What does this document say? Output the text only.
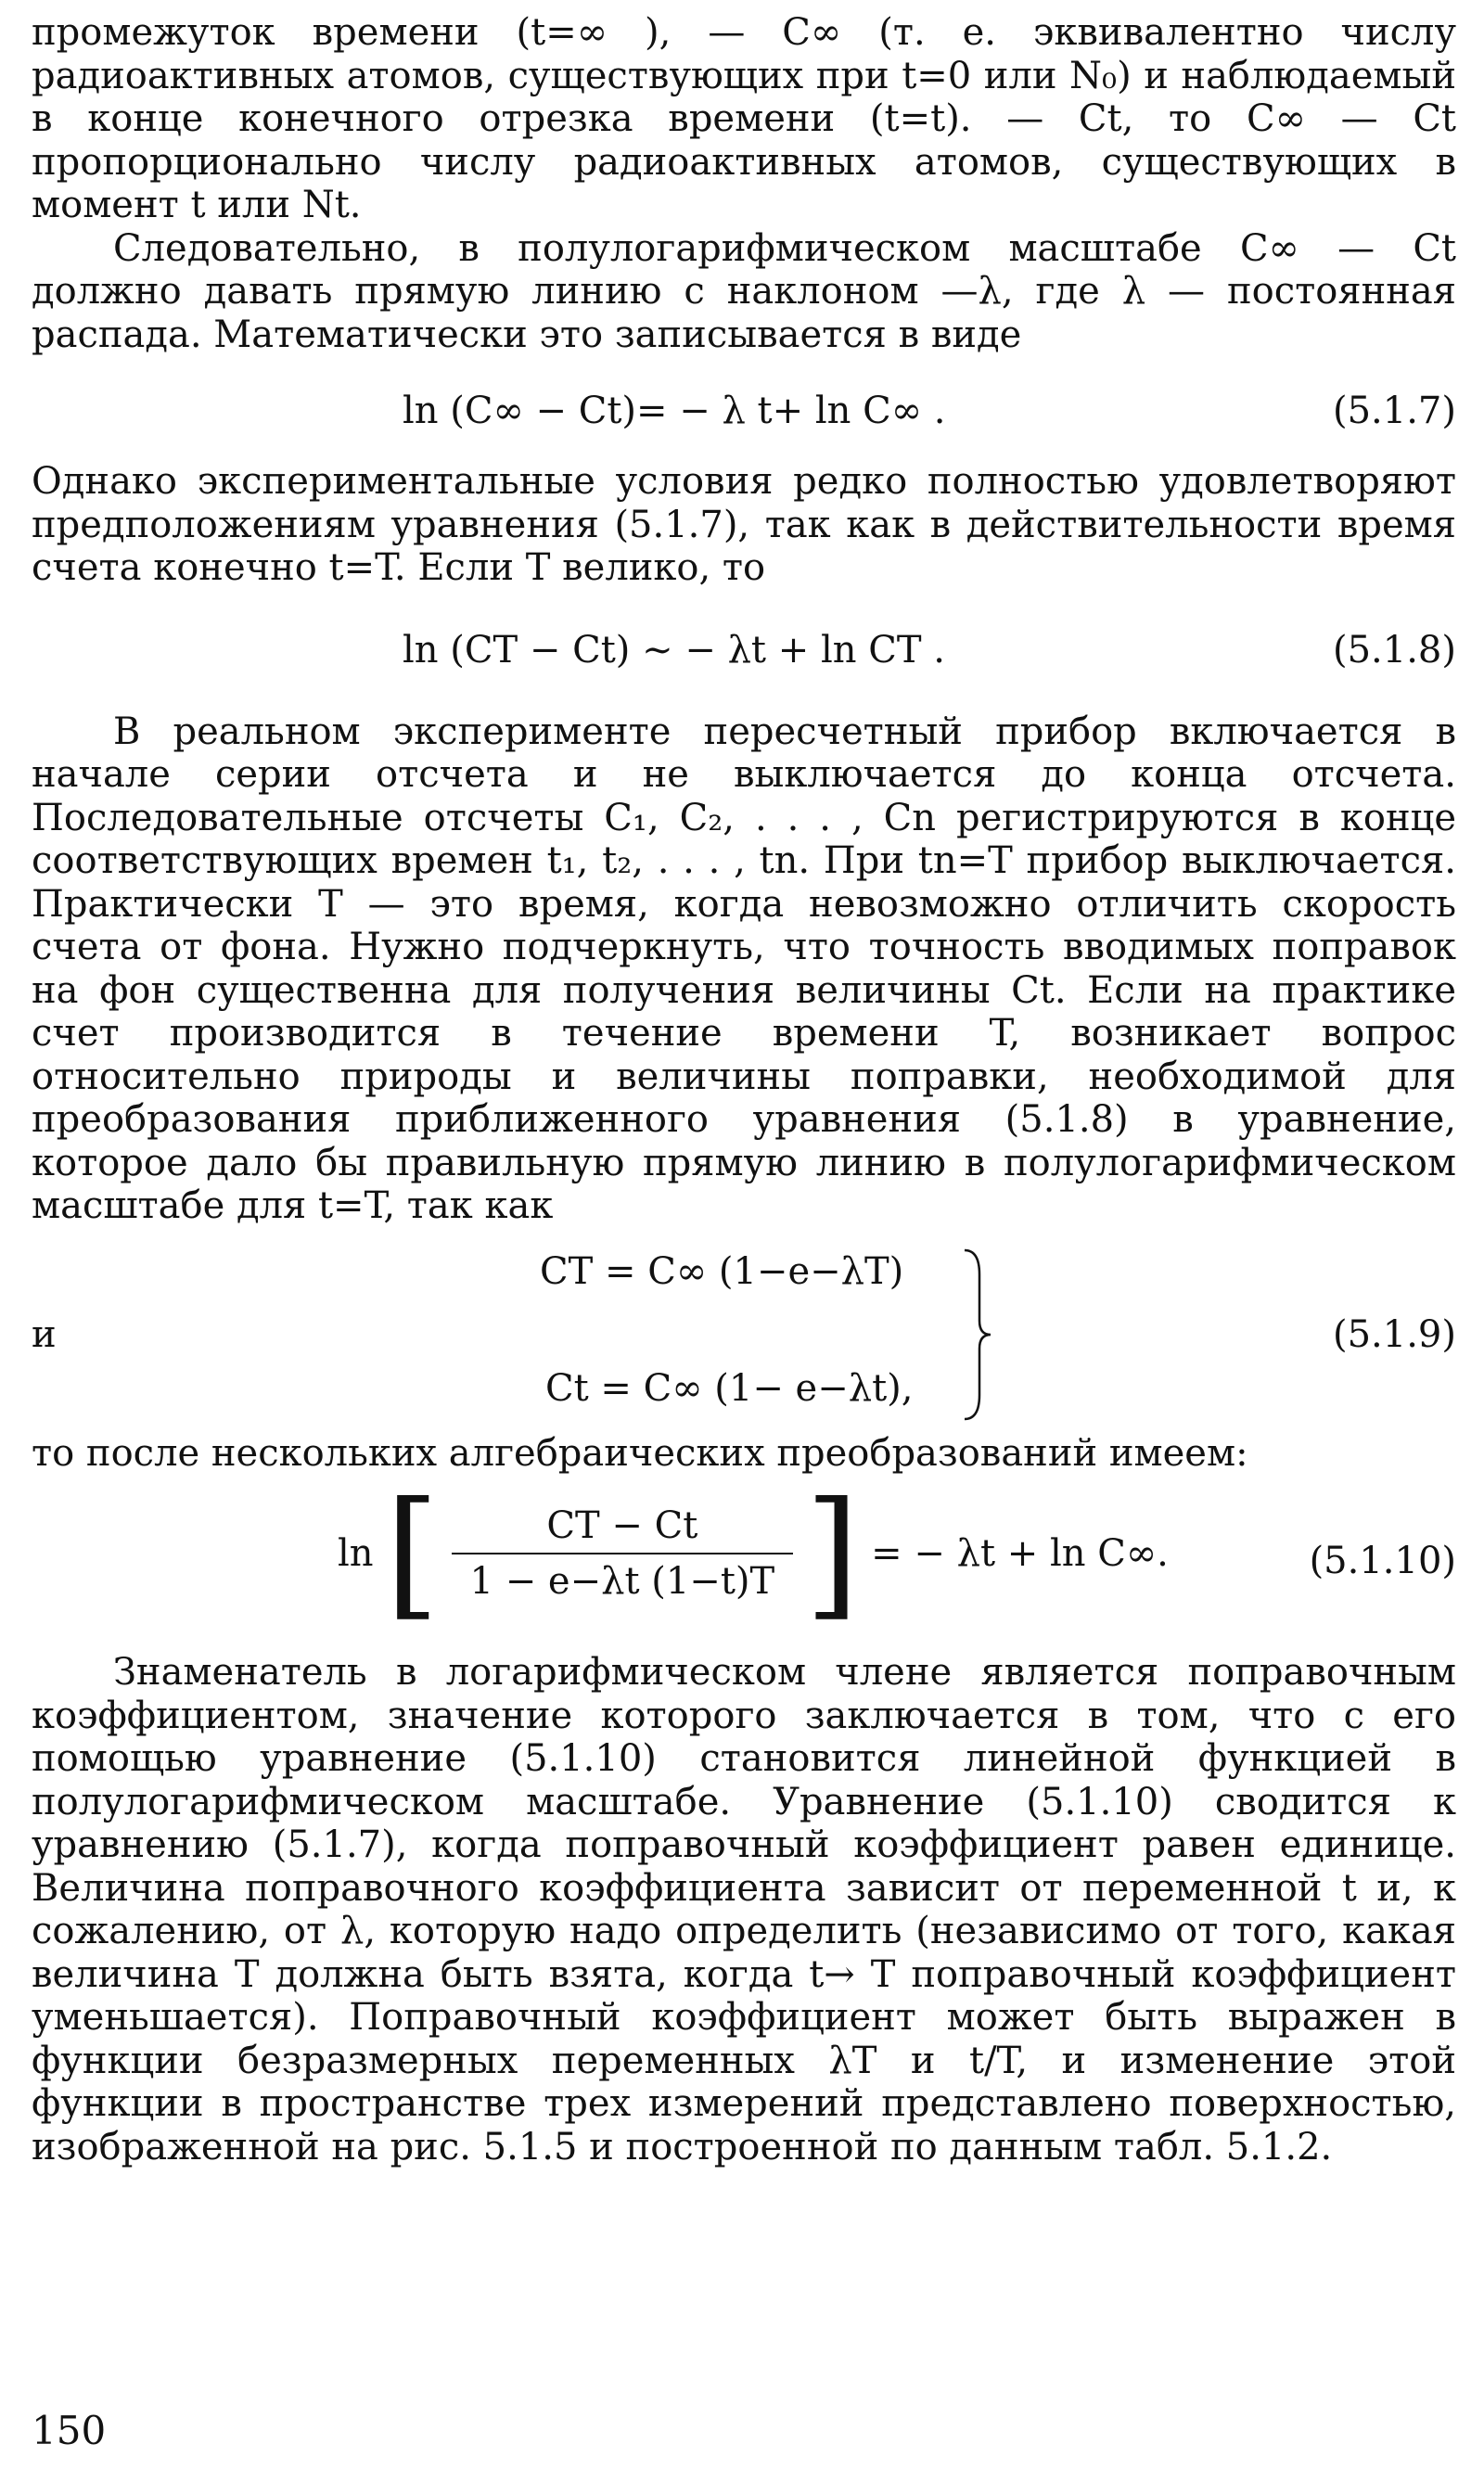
промежуток времени (t=∞ ), — C∞ (т. е. эквивалентно числу радиоактивных атомов, существующих при t=0 или N₀) и наблюдаемый в конце конечного отрезка времени (t=t). — Ct, то C∞ — Ct пропорционально числу радиоактивных атомов, существующих в момент t или Nt.

Следовательно, в полулогарифмическом масштабе C∞ — Ct должно давать прямую линию с наклоном —λ, где λ — постоянная распада. Математически это записывается в виде

ln (C∞ − Ct)= − λ t+ ln C∞ .	(5.1.7)

Однако экспериментальные условия редко полностью удовлетворяют предположениям уравнения (5.1.7), так как в действительности время счета конечно t=T. Если T велико, то

ln (CT − Ct) ∼ − λt + ln CT .	(5.1.8)

В реальном эксперименте пересчетный прибор включается в начале серии отсчета и не выключается до конца отсчета. Последовательные отсчеты C₁, C₂, . . . , Cn регистрируются в конце соответствующих времен t₁, t₂, . . . , tn. При tn=T прибор выключается. Практически T — это время, когда невозможно отличить скорость счета от фона. Нужно подчеркнуть, что точность вводимых поправок на фон существенна для получения величины Ct. Если на практике счет производится в течение времени T, возникает вопрос относительно природы и величины поправки, необходимой для преобразования приближенного уравнения (5.1.8) в уравнение, которое дало бы правильную прямую линию в полулогарифмическом масштабе для t=T, так как

и
CT = C∞ (1−e−λT)
Ct = C∞ (1− e−λt),
(5.1.9)

то после нескольких алгебраических преобразований имеем:

ln [ $\frac{CT - Ct}{1 - e-\lambda t (1-t)T}$ ] = − λt + ln C∞.	(5.1.10)

Знаменатель в логарифмическом члене является поправочным коэффициентом, значение которого заключается в том, что с его помощью уравнение (5.1.10) становится линейной функцией в полулогарифмическом масштабе. Уравнение (5.1.10) сводится к уравнению (5.1.7), когда поправочный коэффициент равен единице. Величина поправочного коэффициента зависит от переменной t и, к сожалению, от λ, которую надо определить (независимо от того, какая величина T должна быть взята, когда t→ T поправочный коэффициент уменьшается). Поправочный коэффициент может быть выражен в функции безразмерных переменных λT и t/T, и изменение этой функции в пространстве трех измерений представлено поверхностью, изображенной на рис. 5.1.5 и построенной по данным табл. 5.1.2.

150
